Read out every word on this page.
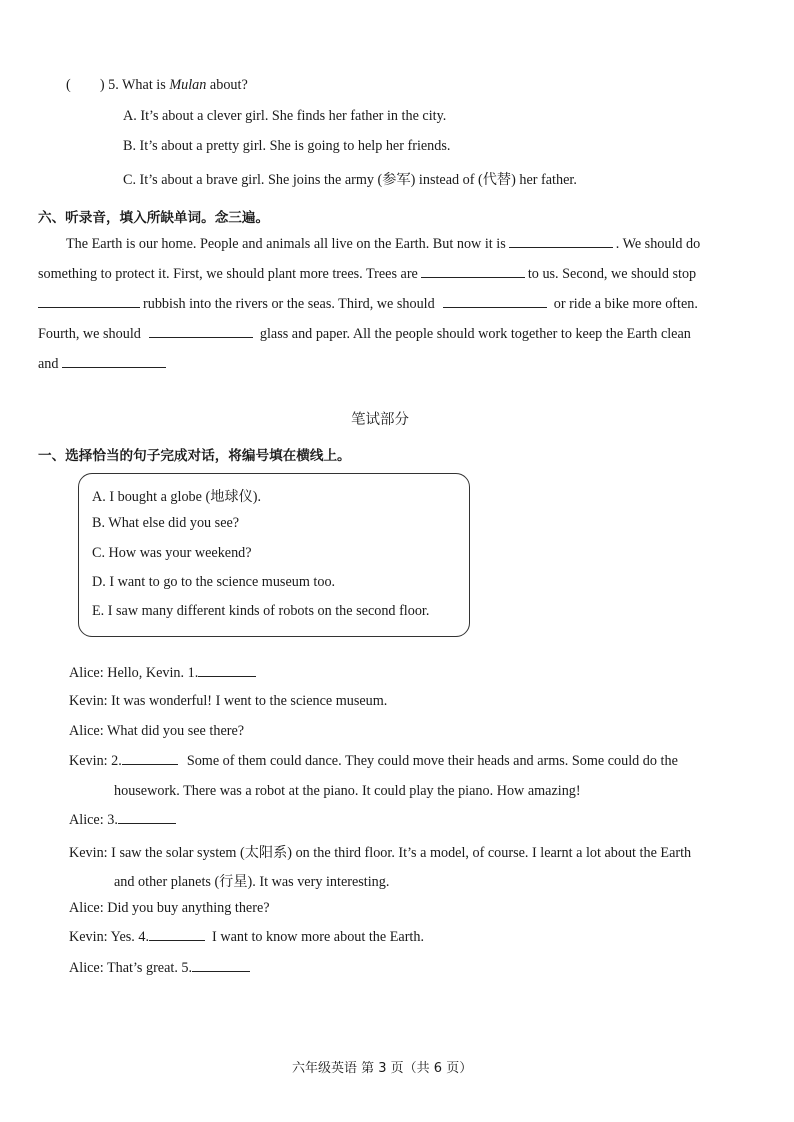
( ) 5. What is Mulan about?
A. It’s about a clever girl. She finds her father in the city.
B. It’s about a pretty girl. She is going to help her friends.
C. It’s about a brave girl. She joins the army (参军) instead of (代替) her father.
六、听录音，填入所缺单词。念三遍。
The Earth is our home. People and animals all live on the Earth. But now it is	. We should do
something to protect it. First, we should plant more trees. Trees are	to us. Second, we should stop
rubbish into the rivers or the seas. Third, we should	or ride a bike more often.
Fourth, we should	glass and paper. All the people should work together to keep the Earth clean
and
笔试部分
一、选择恰当的句子完成对话，将编号填在横线上。
A. I bought a globe (地球仪).
B. What else did you see?
C. How was your weekend?
D. I want to go to the science museum too.
E. I saw many different kinds of robots on the second floor.
Alice: Hello, Kevin. 1.
Kevin: It was wonderful! I went to the science museum.
Alice: What did you see there?
Kevin: 2.	Some of them could dance. They could move their heads and arms. Some could do the
housework. There was a robot at the piano. It could play the piano. How amazing!
Alice: 3.
Kevin: I saw the solar system (太阳系) on the third floor. It’s a model, of course. I learnt a lot about the Earth
and other planets (行星). It was very interesting.
Alice: Did you buy anything there?
Kevin: Yes. 4.	I want to know more about the Earth.
Alice: That’s great. 5.
六年级英语 第 3 页（共 6 页）
